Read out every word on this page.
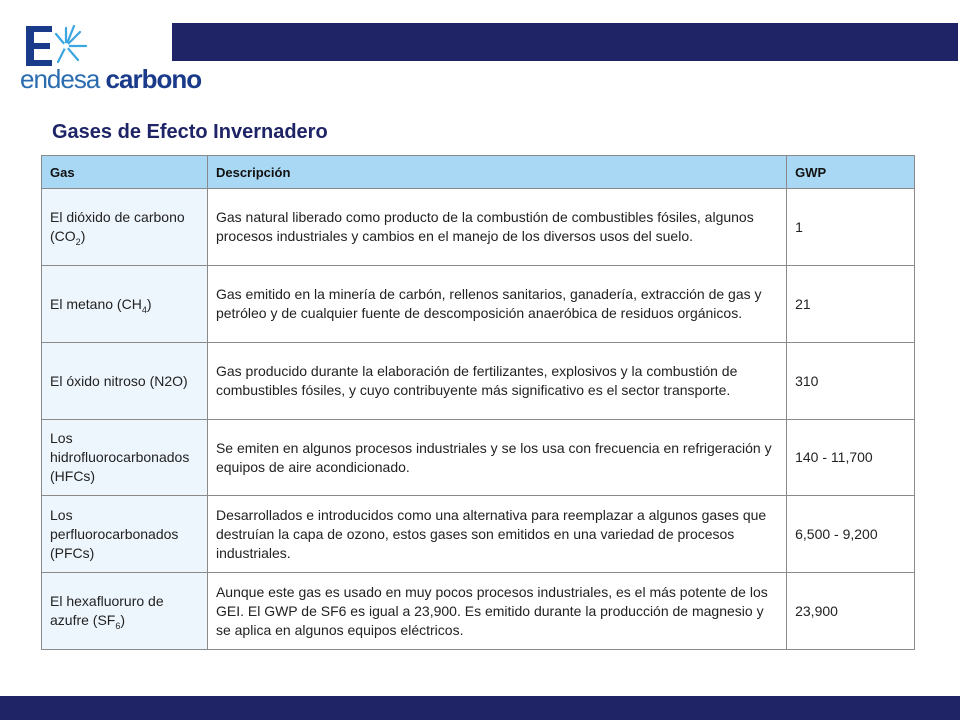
endesa carbono
Gases de Efecto Invernadero
Gas	Descripción	GWP
El dióxido de carbono $(CO_2)$	Gas natural liberado como producto de la combustión de combustibles fósiles, algunos procesos industriales y cambios en el manejo de los diversos usos del suelo.	1
El metano $(CH_4)$	Gas emitido en la minería de carbón, rellenos sanitarios, ganadería, extracción de gas y petróleo y de cualquier fuente de descomposición anaeróbica de residuos orgánicos.	21
El óxido nitroso (N2O)	Gas producido durante la elaboración de fertilizantes, explosivos y la combustión de combustibles fósiles, y cuyo contribuyente más significativo es el sector transporte.	310
Los hidrofluorocarbonados (HFCs)	Se emiten en algunos procesos industriales y se los usa con frecuencia en refrigeración y equipos de aire acondicionado.	140 - 11,700
Los perfluorocarbonados (PFCs)	Desarrollados e introducidos como una alternativa para reemplazar a algunos gases que destruían la capa de ozono, estos gases son emitidos en una variedad de procesos industriales.	6,500 - 9,200
El hexafluoruro de azufre $(SF_6)$	Aunque este gas es usado en muy pocos procesos industriales, es el más potente de los GEI. El GWP de SF6 es igual a 23,900. Es emitido durante la producción de magnesio y se aplica en algunos equipos eléctricos.	23,900
